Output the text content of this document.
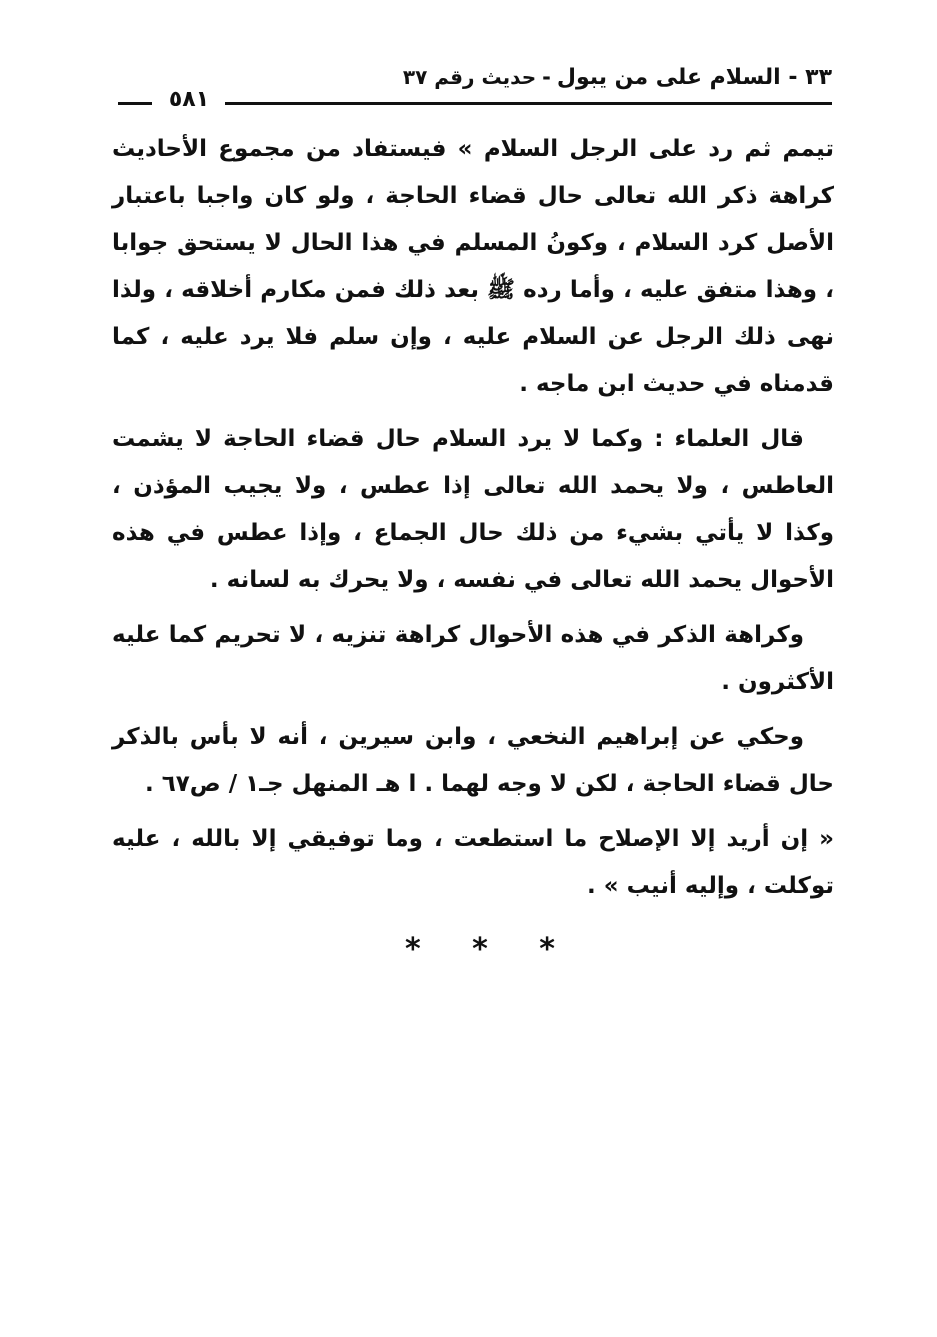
٣٣ - السلام على من يبول
-
حديث رقم ٣٧
٥٨١

تيمم ثم رد على الرجل السلام » فيستفاد من مجموع الأحاديث كراهة ذكر الله تعالى حال قضاء الحاجة ، ولو كان واجبا باعتبار الأصل كرد السلام ، وكونُ المسلم في هذا الحال لا يستحق جوابا ، وهذا متفق عليه ، وأما رده ﷺ بعد ذلك فمن مكارم أخلاقه ، ولذا نهى ذلك الرجل عن السلام عليه ، وإن سلم فلا يرد عليه ، كما قدمناه في حديث ابن ماجه .

قال العلماء : وكما لا يرد السلام حال قضاء الحاجة لا يشمت العاطس ، ولا يحمد الله تعالى إذا عطس ، ولا يجيب المؤذن ، وكذا لا يأتي بشيء من ذلك حال الجماع ، وإذا عطس في هذه الأحوال يحمد الله تعالى في نفسه ، ولا يحرك به لسانه .

وكراهة الذكر في هذه الأحوال كراهة تنزيه ، لا تحريم كما عليه الأكثرون .

وحكي عن إبراهيم النخعي ، وابن سيرين ، أنه لا بأس بالذكر حال قضاء الحاجة ، لكن لا وجه لهما . ا هـ المنهل جـ١ / ص٦٧ .

« إن أريد إلا الإصلاح ما استطعت ، وما توفيقي إلا بالله ، عليه توكلت ، وإليه أنيب » .

* * *
